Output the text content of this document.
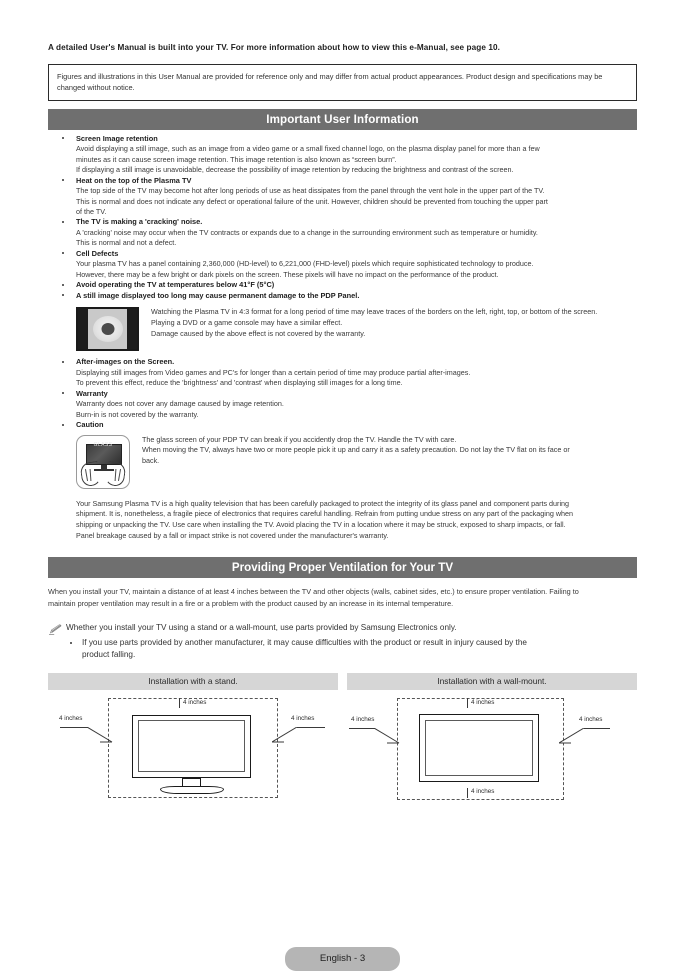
A detailed User's Manual is built into your TV. For more information about how to view this e-Manual, see page 10.

Figures and illustrations in this User Manual are provided for reference only and may differ from actual product appearances. Product design and specifications may be changed without notice.

Important User Information
Screen Image retention

Avoid displaying a still image, such as an image from a video game or a small fixed channel logo, on the plasma display panel for more than a few

minutes as it can cause screen image retention. This image retention is also known as “screen burn”.

If displaying a still image is unavoidable, decrease the possibility of image retention by reducing the brightness and contrast of the screen.

Heat on the top of the Plasma TV

The top side of the TV may become hot after long periods of use as heat dissipates from the panel through the vent hole in the upper part of the TV.

This is normal and does not indicate any defect or operational failure of the unit. However, children should be prevented from touching the upper part

of the TV.

The TV is making a 'cracking' noise.

A 'cracking' noise may occur when the TV contracts or expands due to a change in the surrounding environment such as temperature or humidity.

This is normal and not a defect.

Cell Defects

Your plasma TV has a panel containing 2,360,000 (HD-level) to 6,221,000 (FHD-level) pixels which require sophisticated technology to produce.

However, there may be a few bright or dark pixels on the screen. These pixels will have no impact on the performance of the product.

Avoid operating the TV at temperatures below 41°F (5°C)
A still image displayed too long may cause permanent damage to the PDP Panel.

Watching the Plasma TV in 4:3 format for a long period of time may leave traces of the borders on the left, right, top, or bottom of the screen.

Playing a DVD or a game console may have a similar effect.

Damage caused by the above effect is not covered by the warranty.

After-images on the Screen.

Displaying still images from Video games and PC's for longer than a certain period of time may produce partial after-images.

To prevent this effect, reduce the 'brightness' and 'contrast' when displaying still images for a long time.

Warranty

Warranty does not cover any damage caused by image retention.

Burn-in is not covered by the warranty.

Caution
GLASS

The glass screen of your PDP TV can break if you accidently drop the TV. Handle the TV with care.

When moving the TV, always have two or more people pick it up and carry it as a safety precaution. Do not lay the TV flat on its face or

back.

Your Samsung Plasma TV is a high quality television that has been carefully packaged to protect the integrity of its glass panel and component parts during

shipment. It is, nonetheless, a fragile piece of electronics that requires careful handling. Refrain from putting undue stress on any part of the packaging when

shipping or unpacking the TV. Use care when installing the TV. Avoid placing the TV in a location where it may be struck, exposed to sharp impacts, or fall.

Panel breakage caused by a fall or impact strike is not covered under the manufacturer's warranty.

Providing Proper Ventilation for Your TV

When you install your TV, maintain a distance of at least 4 inches between the TV and other objects (walls, cabinet sides, etc.) to ensure proper ventilation. Failing to

maintain proper ventilation may result in a fire or a problem with the product caused by an increase in its internal temperature.

Whether you install your TV using a stand or a wall-mount, use parts provided by Samsung Electronics only.
If you use parts provided by another manufacturer, it may cause difficulties with the product or result in injury caused by the
product falling.
Installation with a stand.
4 inches
4 inches	4 inches
Installation with a wall-mount.
4 inches
4 inches
4 inches	4 inches
English - 3
